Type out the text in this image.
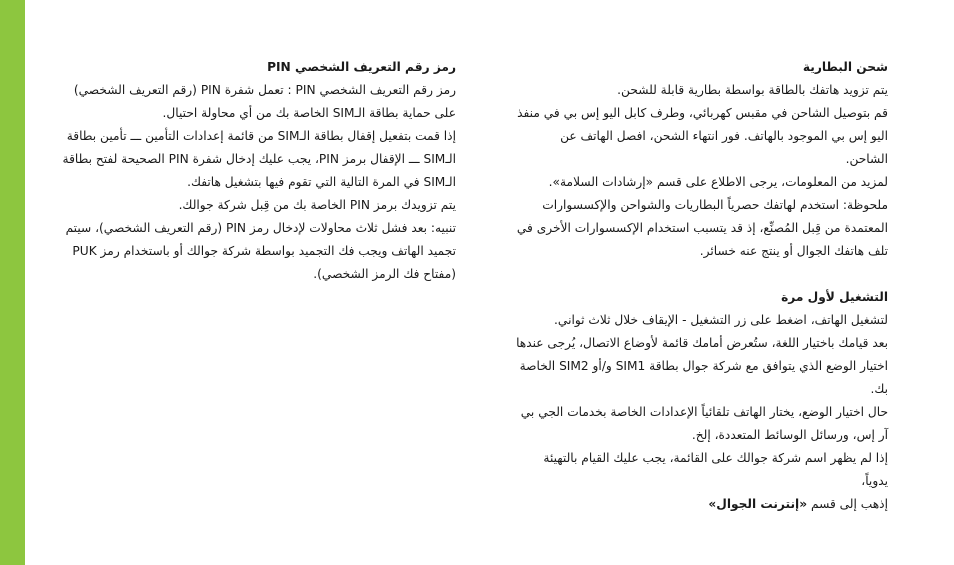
شحن البطارية

يتم تزويد هاتفك بالطاقة بواسطة بطارية قابلة للشحن.

قم بتوصيل الشاحن في مقبس كهربائي، وطرف كابل اليو إس بي في منفذ اليو إس بي الموجود بالهاتف. فور انتهاء الشحن، افصل الهاتف عن الشاحن.

لمزيد من المعلومات، يرجى الاطلاع على قسم «إرشادات السلامة».

ملحوظة: استخدم لهاتفك حصرياً البطاريات والشواحن والإكسسوارات المعتمدة من قِبل المُصنِّع، إذ قد يتسبب استخدام الإكسسوارات الأخرى في تلف هاتفك الجوال أو ينتج عنه خسائر.

التشغيل لأول مرة

لتشغيل الهاتف، اضغط على زر التشغيل - الإيقاف خلال ثلاث ثواني.

بعد قيامك باختيار اللغة، ستُعرض أمامك قائمة لأوضاع الاتصال، يُرجى عندها اختيار الوضع الذي يتوافق مع شركة جوال بطاقة SIM1 و/أو SIM2 الخاصة بك.

حال اختيار الوضع، يختار الهاتف تلقائياً الإعدادات الخاصة بخدمات الجي بي آر إس، ورسائل الوسائط المتعددة، إلخ.

إذا لم يظهر اسم شركة جوالك على القائمة، يجب عليك القيام بالتهيئة يدوياً،

إذهب إلى قسم «إنترنت الجوال»

رمز رقم التعريف الشخصي PIN

رمز رقم التعريف الشخصي PIN : تعمل شفرة PIN (رقم التعريف الشخصي) على حماية بطاقة الـSIM الخاصة بك من أي محاولة احتيال.

إذا قمت بتفعيل إقفال بطاقة الـSIM من قائمة إعدادات التأمين ـــ تأمين بطاقة الـSIM ـــ الإقفال برمز PIN، يجب عليك إدخال شفرة PIN الصحيحة لفتح بطاقة الـSIM في المرة التالية التي تقوم فيها بتشغيل هاتفك.

يتم تزويدك برمز PIN الخاصة بك من قِبل شركة جوالك.

تنبيه: بعد فشل ثلاث محاولات لإدخال رمز PIN (رقم التعريف الشخصي)، سيتم تجميد الهاتف ويجب فك التجميد بواسطة شركة جوالك أو باستخدام رمز PUK (مفتاح فك الرمز الشخصي).
